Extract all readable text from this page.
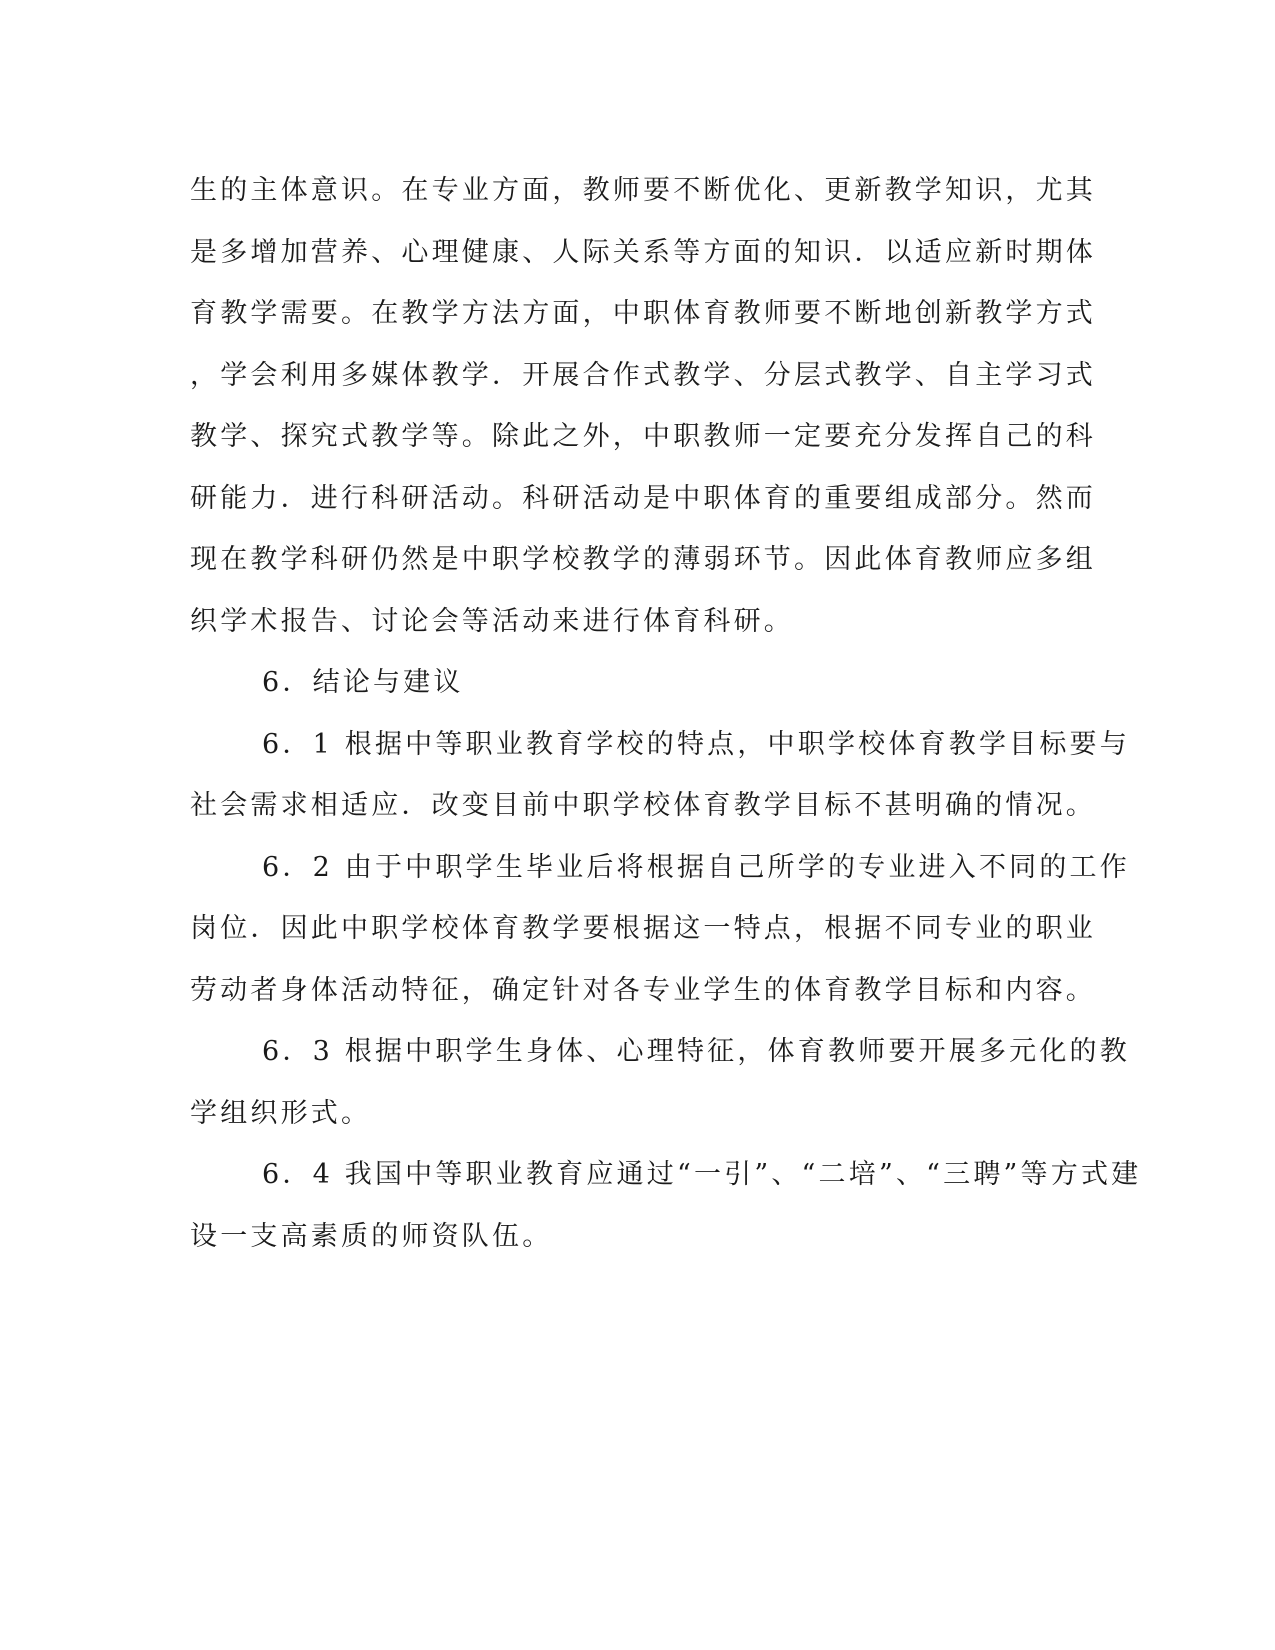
生的主体意识。在专业方面，教师要不断优化、更新教学知识，尤其
是多增加营养、心理健康、人际关系等方面的知识．以适应新时期体
育教学需要。在教学方法方面，中职体育教师要不断地创新教学方式
，学会利用多媒体教学．开展合作式教学、分层式教学、自主学习式
教学、探究式教学等。除此之外，中职教师一定要充分发挥自己的科
研能力．进行科研活动。科研活动是中职体育的重要组成部分。然而
现在教学科研仍然是中职学校教学的薄弱环节。因此体育教师应多组
织学术报告、讨论会等活动来进行体育科研。
6．结论与建议
6．1 根据中等职业教育学校的特点，中职学校体育教学目标要与
社会需求相适应．改变目前中职学校体育教学目标不甚明确的情况。
6．2 由于中职学生毕业后将根据自己所学的专业进入不同的工作
岗位．因此中职学校体育教学要根据这一特点，根据不同专业的职业
劳动者身体活动特征，确定针对各专业学生的体育教学目标和内容。
6．3 根据中职学生身体、心理特征，体育教师要开展多元化的教
学组织形式。
6．4 我国中等职业教育应通过“一引”、“二培”、“三聘”等方式建
设一支高素质的师资队伍。
